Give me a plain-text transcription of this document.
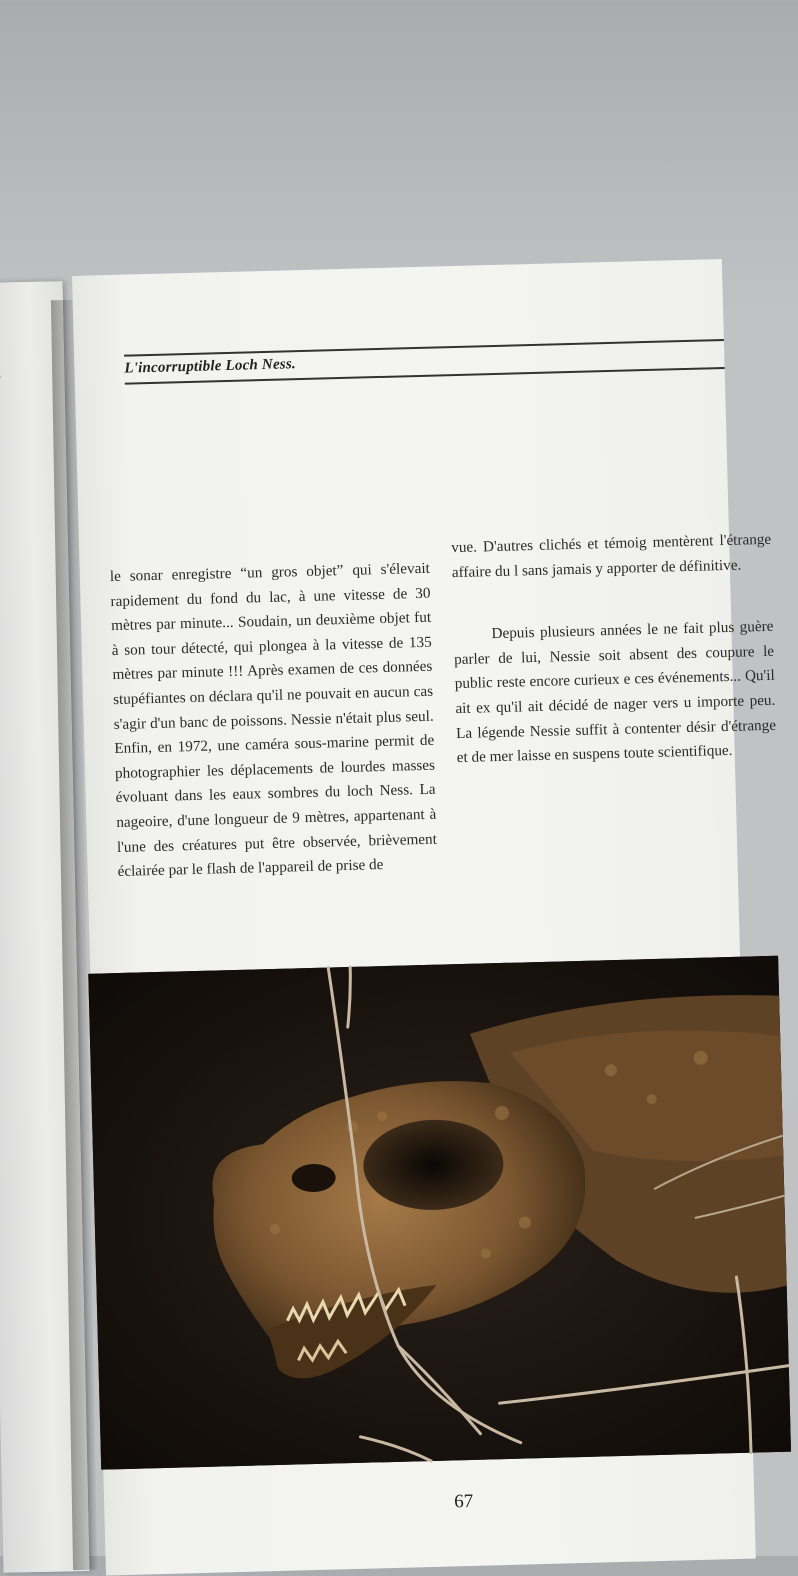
L'incorruptible Loch Ness.

le sonar enregistre “un gros objet” qui s'élevait rapidement du fond du lac, à une vitesse de 30 mètres par minute... Soudain, un deuxième objet fut à son tour détecté, qui plongea à la vitesse de 135 mètres par minute !!! Après examen de ces données stupéfiantes on déclara qu'il ne pouvait en aucun cas s'agir d'un banc de poissons. Nessie n'était plus seul. Enfin, en 1972, une caméra sous-marine permit de photographier les déplacements de lourdes masses évoluant dans les eaux sombres du loch Ness. La nageoire, d'une longueur de 9 mètres, appartenant à l'une des créatures put être observée, brièvement éclairée par le flash de l'appareil de prise de

vue. D'autres clichés et témoig mentèrent l'étrange affaire du l sans jamais y apporter de définitive.

Depuis plusieurs années le ne fait plus guère parler de lui, Nessie soit absent des coupure le public reste encore curieux e ces événements... Qu'il ait ex qu'il ait décidé de nager vers u importe peu. La légende Nessie suffit à contenter désir d'étrange et de mer laisse en suspens toute scientifique.

67
